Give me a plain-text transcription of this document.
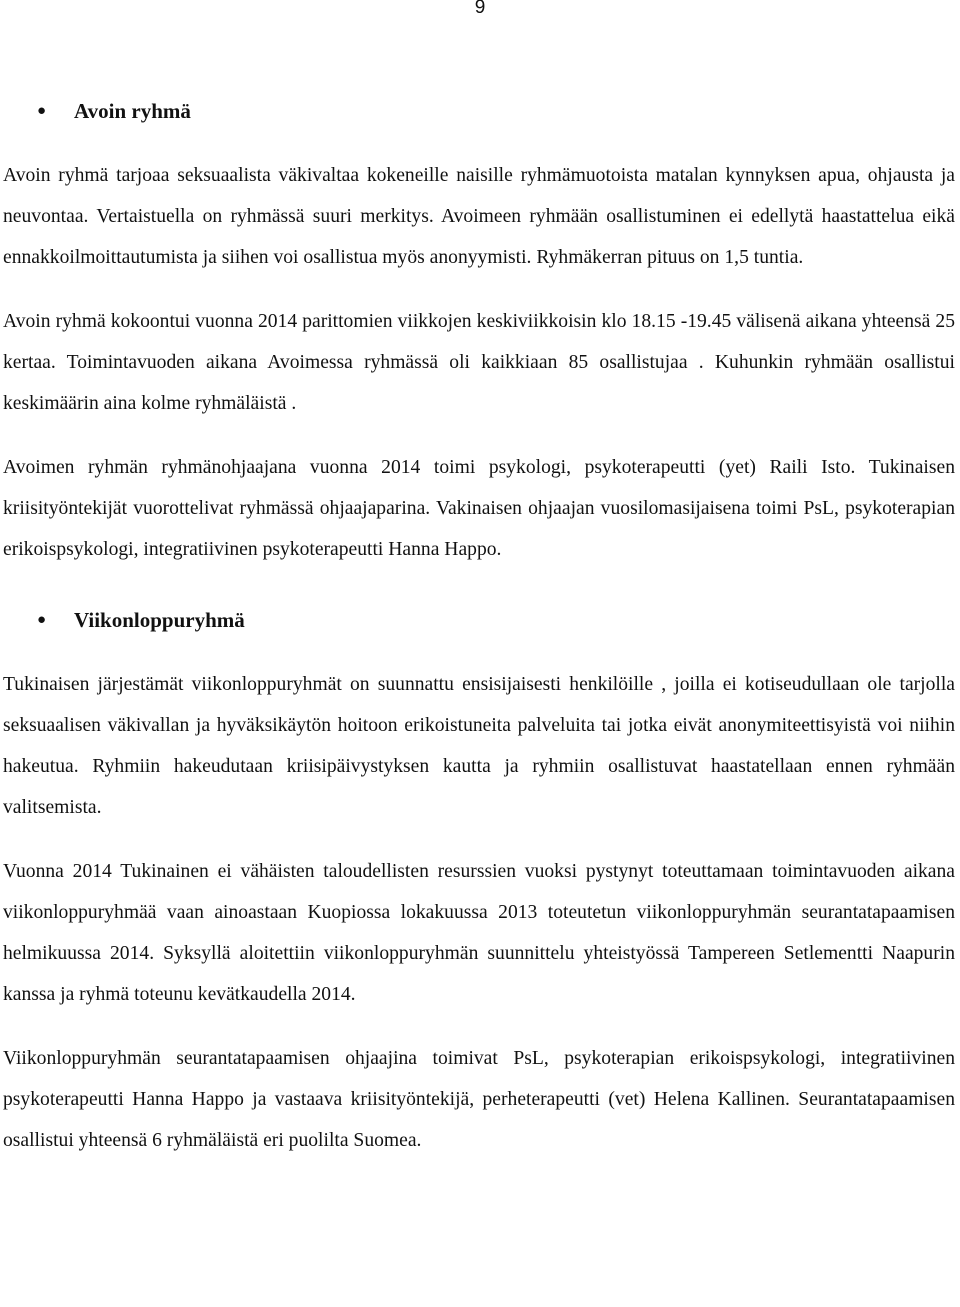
9
● Avoin ryhmä

Avoin ryhmä tarjoaa seksuaalista väkivaltaa kokeneille naisille ryhmämuotoista matalan kynnyksen apua, ohjausta ja neuvontaa. Vertaistuella on ryhmässä suuri merkitys. Avoimeen ryhmään osallistuminen ei edellytä haastattelua eikä ennakkoilmoittautumista ja siihen voi osallistua myös anonyymisti. Ryhmäkerran pituus on 1,5 tuntia.

Avoin ryhmä kokoontui vuonna 2014 parittomien viikkojen keskiviikkoisin klo 18.15 -19.45 välisenä aikana yhteensä 25 kertaa. Toimintavuoden aikana Avoimessa ryhmässä oli kaikkiaan 85 osallistujaa . Kuhunkin ryhmään osallistui keskimäärin aina kolme ryhmäläistä .

Avoimen ryhmän ryhmänohjaajana vuonna 2014 toimi psykologi, psykoterapeutti (yet) Raili Isto. Tukinaisen kriisityöntekijät vuorottelivat ryhmässä ohjaajaparina. Vakinaisen ohjaajan vuosilomasijaisena toimi PsL, psykoterapian erikoispsykologi, integratiivinen psykoterapeutti Hanna Happo.

● Viikonloppuryhmä

Tukinaisen järjestämät viikonloppuryhmät on suunnattu ensisijaisesti henkilöille , joilla ei kotiseudullaan ole tarjolla seksuaalisen väkivallan ja hyväksikäytön hoitoon erikoistuneita palveluita tai jotka eivät anonymiteettisyistä voi niihin hakeutua. Ryhmiin hakeudutaan kriisipäivystyksen kautta ja ryhmiin osallistuvat haastatellaan ennen ryhmään valitsemista.

Vuonna 2014 Tukinainen ei vähäisten taloudellisten resurssien vuoksi pystynyt toteuttamaan toimintavuoden aikana viikonloppuryhmää vaan ainoastaan Kuopiossa lokakuussa 2013 toteutetun viikonloppuryhmän seurantatapaamisen helmikuussa 2014. Syksyllä aloitettiin viikonloppuryhmän suunnittelu yhteistyössä Tampereen Setlementti Naapurin kanssa ja ryhmä toteunu kevätkaudella 2014.

Viikonloppuryhmän seurantatapaamisen ohjaajina toimivat PsL, psykoterapian erikoispsykologi, integratiivinen psykoterapeutti Hanna Happo ja vastaava kriisityöntekijä, perheterapeutti (vet) Helena Kallinen. Seurantatapaamisen osallistui yhteensä 6 ryhmäläistä eri puolilta Suomea.
